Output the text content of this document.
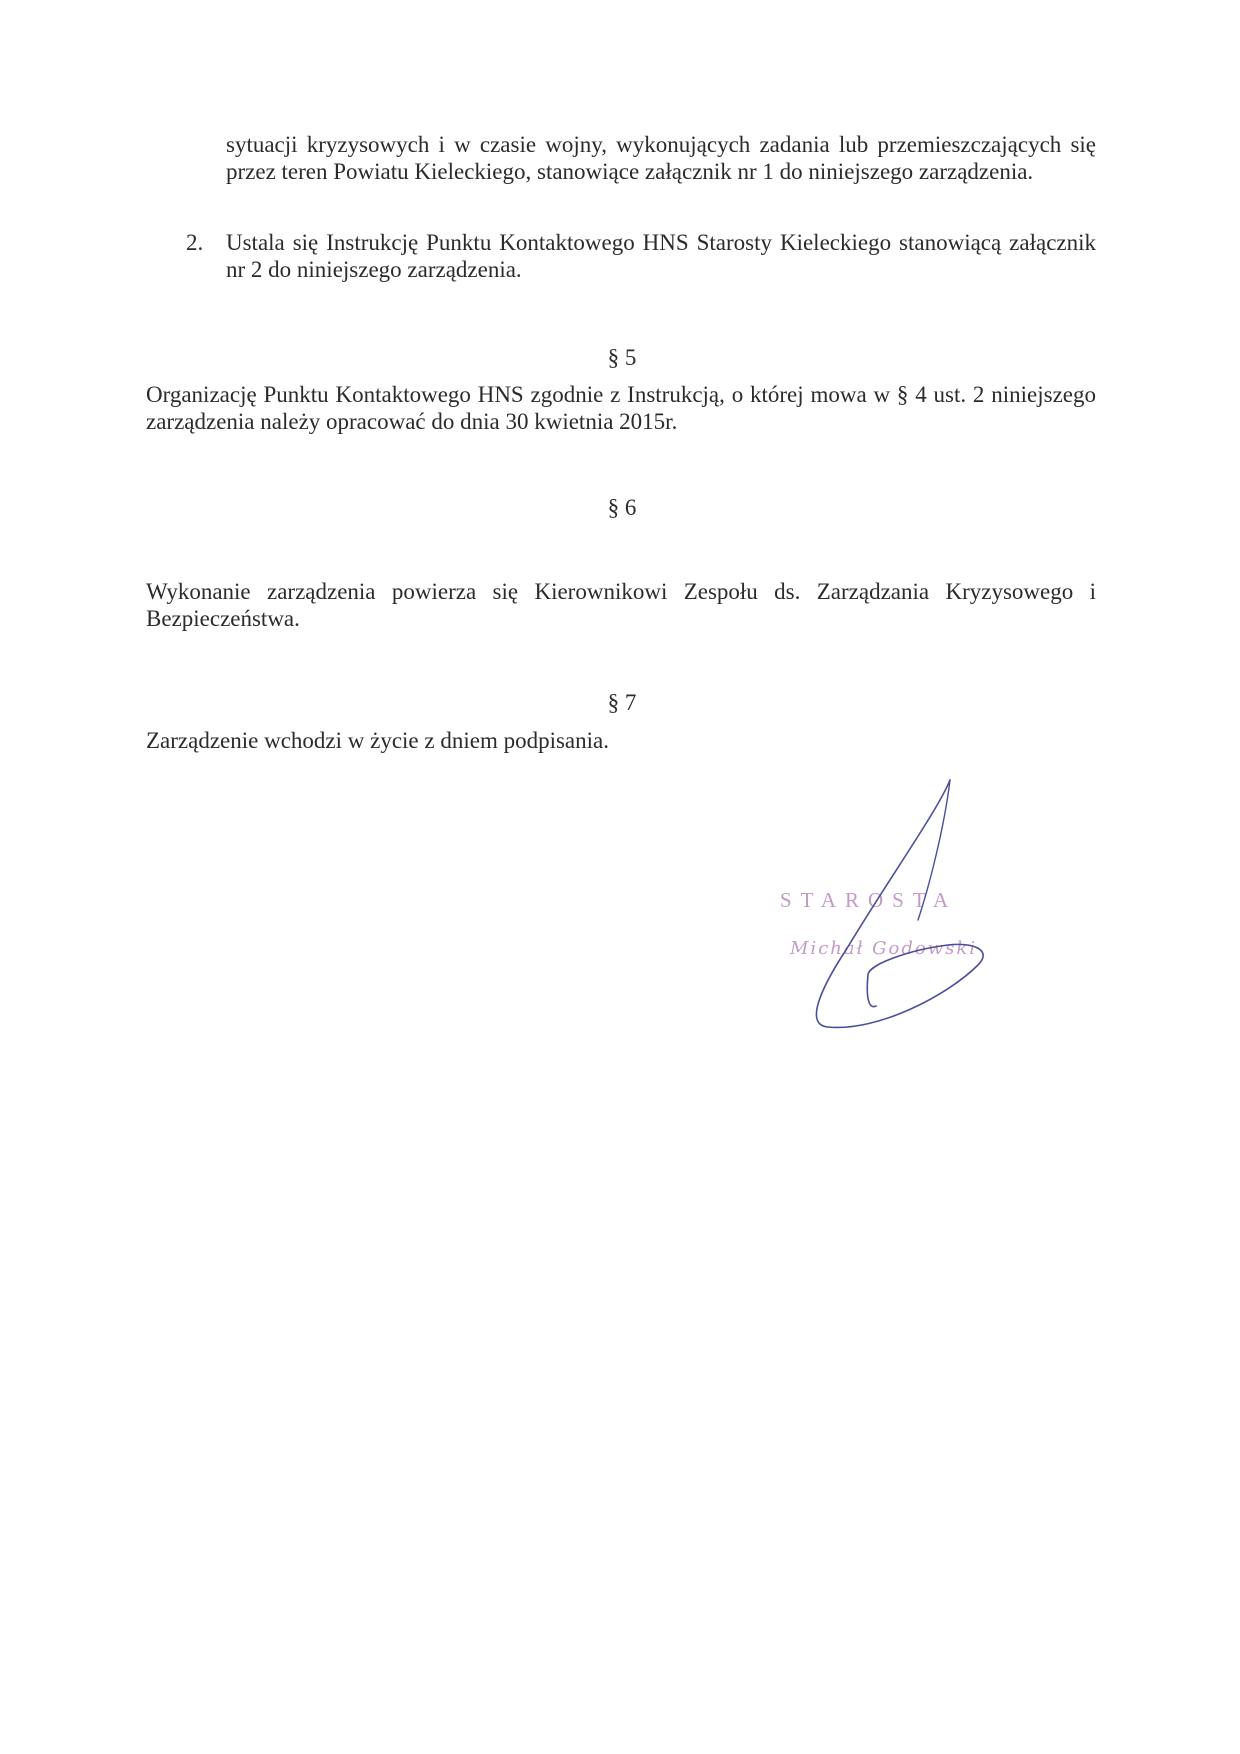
sytuacji kryzysowych i w czasie wojny, wykonujących zadania lub przemieszczających się przez teren Powiatu Kieleckiego, stanowiące załącznik nr 1 do niniejszego zarządzenia.

2. Ustala się Instrukcję Punktu Kontaktowego HNS Starosty Kieleckiego stanowiącą załącznik nr 2 do niniejszego zarządzenia.

§ 5

Organizację Punktu Kontaktowego HNS zgodnie z Instrukcją, o której mowa w § 4 ust. 2 niniejszego zarządzenia należy opracować do dnia 30 kwietnia 2015r.

§ 6

Wykonanie zarządzenia powierza się Kierownikowi Zespołu ds. Zarządzania Kryzysowego i Bezpieczeństwa.

§ 7

Zarządzenie wchodzi w życie z dniem podpisania.

STAROSTA
Michał Godowski
